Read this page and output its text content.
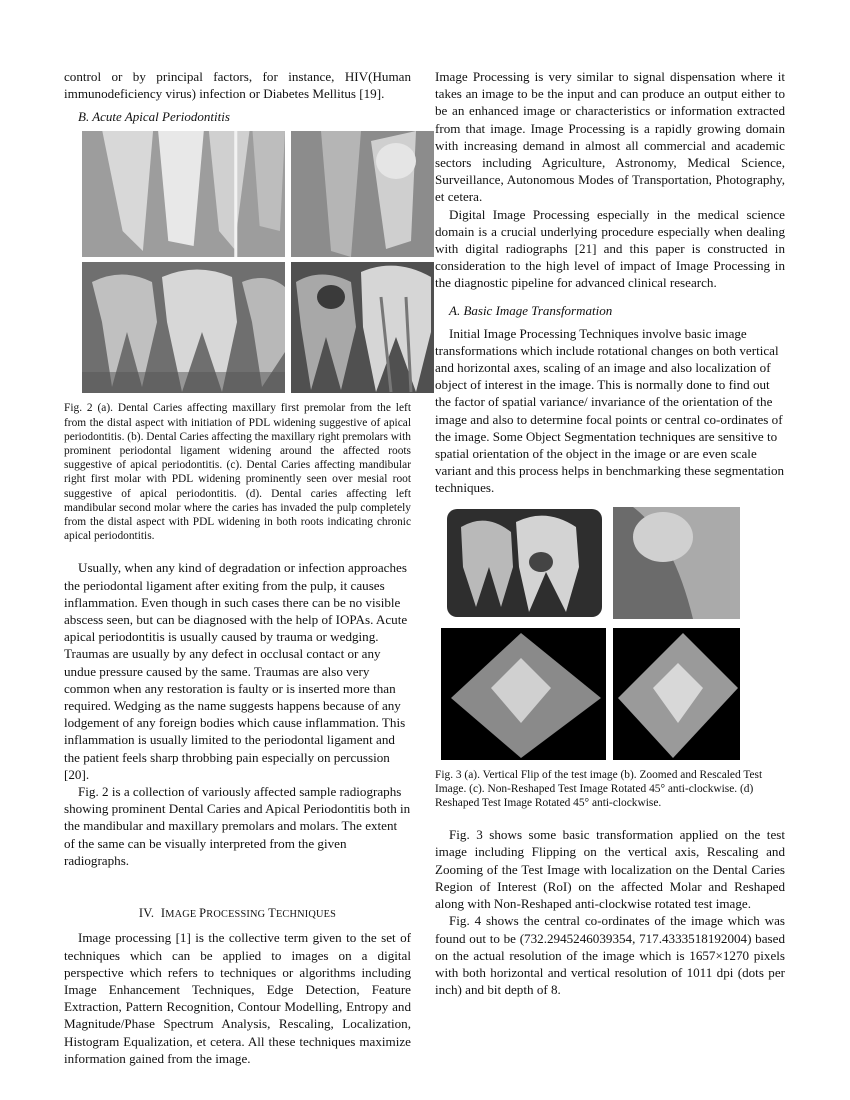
control or by principal factors, for instance, HIV(Human immunodeficiency virus) infection or Diabetes Mellitus [19].

B. Acute Apical Periodontitis

Fig. 2 (a). Dental Caries affecting maxillary first premolar from the left from the distal aspect with initiation of PDL widening suggestive of apical periodontitis. (b). Dental Caries affecting the maxillary right premolars with prominent periodontal ligament widening around the affected roots suggestive of apical periodontitis. (c). Dental Caries affecting mandibular right first molar with PDL widening prominently seen over mesial root suggestive of apical periodontitis. (d). Dental caries affecting left mandibular second molar where the caries has invaded the pulp completely from the distal aspect with PDL widening in both roots indicating chronic apical periodontitis.

Usually, when any kind of degradation or infection approaches the periodontal ligament after exiting from the pulp, it causes inflammation. Even though in such cases there can be no visible abscess seen, but can be diagnosed with the help of IOPAs. Acute apical periodontitis is usually caused by trauma or wedging. Traumas are usually by any defect in occlusal contact or any undue pressure caused by the same. Traumas are also very common when any restoration is faulty or is inserted more than required. Wedging as the name suggests happens because of any lodgement of any foreign bodies which cause inflammation. This inflammation is usually limited to the periodontal ligament and the patient feels sharp throbbing pain especially on percussion [20].

Fig. 2 is a collection of variously affected sample radiographs showing prominent Dental Caries and Apical Periodontitis both in the mandibular and maxillary premolars and molars. The extent of the same can be visually interpreted from the given radiographs.

IV. IMAGE PROCESSING TECHNIQUES

Image processing [1] is the collective term given to the set of techniques which can be applied to images on a digital perspective which refers to techniques or algorithms including Image Enhancement Techniques, Edge Detection, Feature Extraction, Pattern Recognition, Contour Modelling, Entropy and Magnitude/Phase Spectrum Analysis, Rescaling, Localization, Histogram Equalization, et cetera. All these techniques maximize information gained from the image.

Image Processing is very similar to signal dispensation where it takes an image to be the input and can produce an output either to be an enhanced image or characteristics or information extracted from that image. Image Processing is a rapidly growing domain with increasing demand in almost all commercial and academic sectors including Agriculture, Astronomy, Medical Science, Surveillance, Autonomous Modes of Transportation, Photography, et cetera.

Digital Image Processing especially in the medical science domain is a crucial underlying procedure especially when dealing with digital radiographs [21] and this paper is constructed in consideration to the high level of impact of Image Processing in the diagnostic pipeline for advanced clinical research.

A. Basic Image Transformation

Initial Image Processing Techniques involve basic image transformations which include rotational changes on both vertical and horizontal axes, scaling of an image and also localization of object of interest in the image. This is normally done to find out the factor of spatial variance/ invariance of the orientation of the image and also to determine focal points or central co-ordinates of the image. Some Object Segmentation techniques are sensitive to spatial orientation of the object in the image or are even scale variant and this process helps in benchmarking these segmentation techniques.

Fig. 3 (a). Vertical Flip of the test image (b). Zoomed and Rescaled Test Image. (c). Non-Reshaped Test Image Rotated 45° anti-clockwise. (d) Reshaped Test Image Rotated 45° anti-clockwise.

Fig. 3 shows some basic transformation applied on the test image including Flipping on the vertical axis, Rescaling and Zooming of the Test Image with localization on the Dental Caries Region of Interest (RoI) on the affected Molar and Reshaped along with Non-Reshaped anti-clockwise rotated test image.

Fig. 4 shows the central co-ordinates of the image which was found out to be (732.2945246039354, 717.4333518192004) based on the actual resolution of the image which is 1657×1270 pixels with both horizontal and vertical resolution of 1011 dpi (dots per inch) and bit depth of 8.
